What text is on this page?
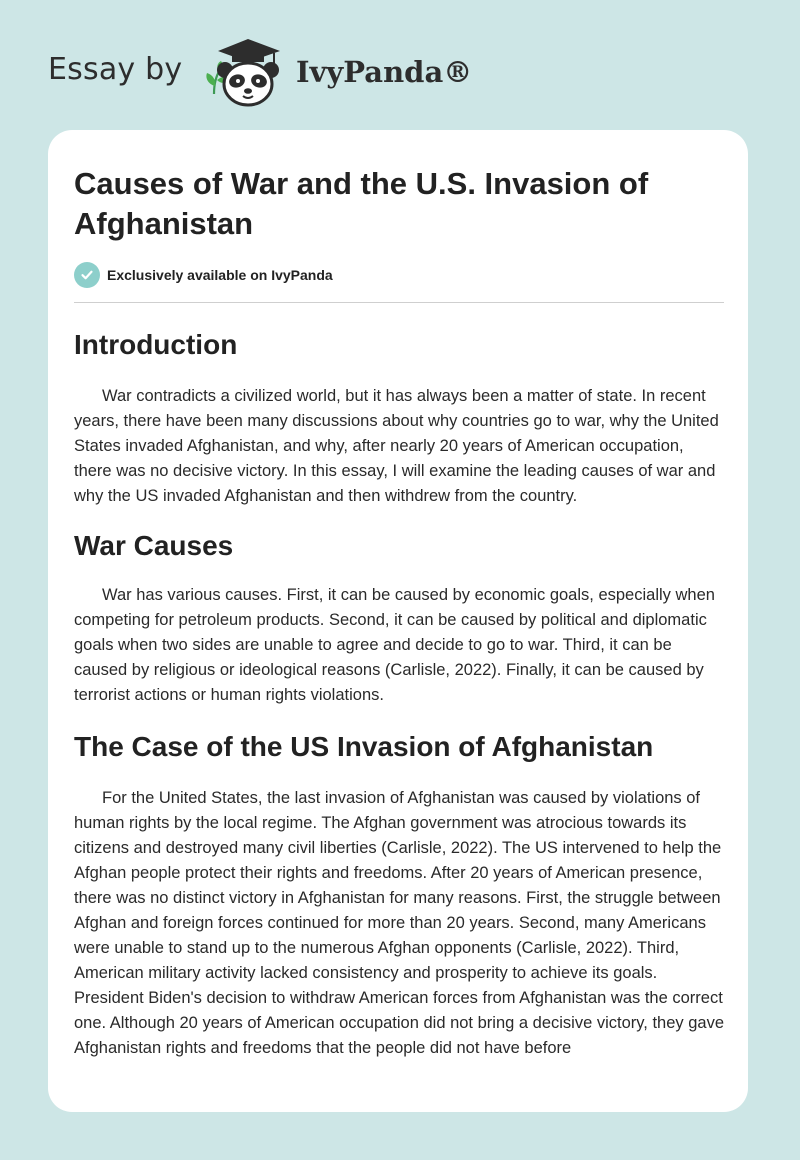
Essay by	IvyPanda®
Causes of War and the U.S. Invasion of Afghanistan
Exclusively available on IvyPanda
Introduction

War contradicts a civilized world, but it has always been a matter of state. In recent years, there have been many discussions about why countries go to war, why the United States invaded Afghanistan, and why, after nearly 20 years of American occupation, there was no decisive victory. In this essay, I will examine the leading causes of war and why the US invaded Afghanistan and then withdrew from the country.

War Causes

War has various causes. First, it can be caused by economic goals, especially when competing for petroleum products. Second, it can be caused by political and diplomatic goals when two sides are unable to agree and decide to go to war. Third, it can be caused by religious or ideological reasons (Carlisle, 2022). Finally, it can be caused by terrorist actions or human rights violations.

The Case of the US Invasion of Afghanistan

For the United States, the last invasion of Afghanistan was caused by violations of human rights by the local regime. The Afghan government was atrocious towards its citizens and destroyed many civil liberties (Carlisle, 2022). The US intervened to help the Afghan people protect their rights and freedoms. After 20 years of American presence, there was no distinct victory in Afghanistan for many reasons. First, the struggle between Afghan and foreign forces continued for more than 20 years. Second, many Americans were unable to stand up to the numerous Afghan opponents (Carlisle, 2022). Third, American military activity lacked consistency and prosperity to achieve its goals. President Biden's decision to withdraw American forces from Afghanistan was the correct one. Although 20 years of American occupation did not bring a decisive victory, they gave Afghanistan rights and freedoms that the people did not have before
